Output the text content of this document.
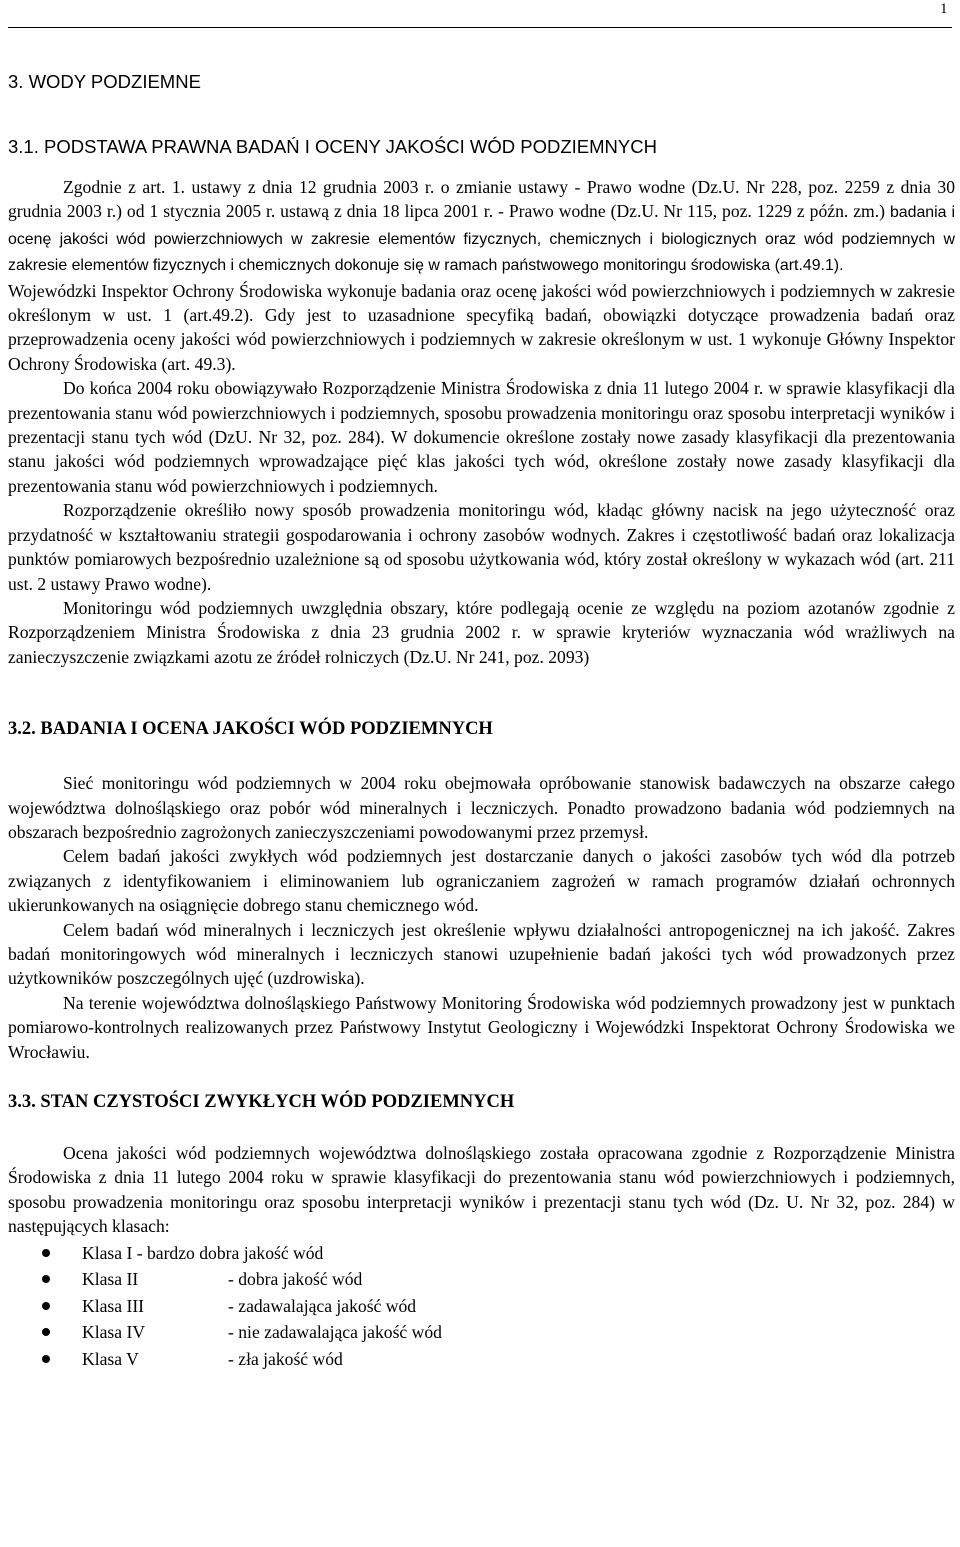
1
3. WODY PODZIEMNE
3.1. PODSTAWA PRAWNA BADAŃ I OCENY JAKOŚCI WÓD PODZIEMNYCH

Zgodnie z art. 1. ustawy z dnia 12 grudnia 2003 r. o zmianie ustawy - Prawo wodne (Dz.U. Nr 228, poz. 2259 z dnia 30 grudnia 2003 r.) od 1 stycznia 2005 r. ustawą z dnia 18 lipca 2001 r. - Prawo wodne (Dz.U. Nr 115, poz. 1229 z późn. zm.) badania i ocenę jakości wód powierzchniowych w zakresie elementów fizycznych, chemicznych i biologicznych oraz wód podziemnych w zakresie elementów fizycznych i chemicznych dokonuje się w ramach państwowego monitoringu środowiska (art.49.1).

Wojewódzki Inspektor Ochrony Środowiska wykonuje badania oraz ocenę jakości wód powierzchniowych i podziemnych w zakresie określonym w ust. 1 (art.49.2). Gdy jest to uzasadnione specyfiką badań, obowiązki dotyczące prowadzenia badań oraz przeprowadzenia oceny jakości wód powierzchniowych i podziemnych w zakresie określonym w ust. 1 wykonuje Główny Inspektor Ochrony Środowiska (art. 49.3).

Do końca 2004 roku obowiązywało Rozporządzenie Ministra Środowiska z dnia 11 lutego 2004 r. w sprawie klasyfikacji dla prezentowania stanu wód powierzchniowych i podziemnych, sposobu prowadzenia monitoringu oraz sposobu interpretacji wyników i prezentacji stanu tych wód (DzU. Nr 32, poz. 284). W dokumencie określone zostały nowe zasady klasyfikacji dla prezentowania stanu jakości wód podziemnych wprowadzające pięć klas jakości tych wód, określone zostały nowe zasady klasyfikacji dla prezentowania stanu wód powierzchniowych i podziemnych.

Rozporządzenie określiło nowy sposób prowadzenia monitoringu wód, kładąc główny nacisk na jego użyteczność oraz przydatność w kształtowaniu strategii gospodarowania i ochrony zasobów wodnych. Zakres i częstotliwość badań oraz lokalizacja punktów pomiarowych bezpośrednio uzależnione są od sposobu użytkowania wód, który został określony w wykazach wód (art. 211 ust. 2 ustawy Prawo wodne).

Monitoringu wód podziemnych uwzględnia obszary, które podlegają ocenie ze względu na poziom azotanów zgodnie z Rozporządzeniem Ministra Środowiska z dnia 23 grudnia 2002 r. w sprawie kryteriów wyznaczania wód wrażliwych na zanieczyszczenie związkami azotu ze źródeł rolniczych (Dz.U. Nr 241, poz. 2093)

3.2. BADANIA I OCENA JAKOŚCI WÓD PODZIEMNYCH

Sieć monitoringu wód podziemnych w 2004 roku obejmowała opróbowanie stanowisk badawczych na obszarze całego województwa dolnośląskiego oraz pobór wód mineralnych i leczniczych. Ponadto prowadzono badania wód podziemnych na obszarach bezpośrednio zagrożonych zanieczyszczeniami powodowanymi przez przemysł.

Celem badań jakości zwykłych wód podziemnych jest dostarczanie danych o jakości zasobów tych wód dla potrzeb związanych z identyfikowaniem i eliminowaniem lub ograniczaniem zagrożeń w ramach programów działań ochronnych ukierunkowanych na osiągnięcie dobrego stanu chemicznego wód.

Celem badań wód mineralnych i leczniczych jest określenie wpływu działalności antropogenicznej na ich jakość. Zakres badań monitoringowych wód mineralnych i leczniczych stanowi uzupełnienie badań jakości tych wód prowadzonych przez użytkowników poszczególnych ujęć (uzdrowiska).

Na terenie województwa dolnośląskiego Państwowy Monitoring Środowiska wód podziemnych prowadzony jest w punktach pomiarowo-kontrolnych realizowanych przez Państwowy Instytut Geologiczny i Wojewódzki Inspektorat Ochrony Środowiska we Wrocławiu.

3.3. STAN CZYSTOŚCI ZWYKŁYCH WÓD PODZIEMNYCH

Ocena jakości wód podziemnych województwa dolnośląskiego została opracowana zgodnie z Rozporządzenie Ministra Środowiska z dnia 11 lutego 2004 roku w sprawie klasyfikacji do prezentowania stanu wód powierzchniowych i podziemnych, sposobu prowadzenia monitoringu oraz sposobu interpretacji wyników i prezentacji stanu tych wód (Dz. U. Nr 32, poz. 284) w następujących klasach:

Klasa I - bardzo dobra jakość wód
Klasa II	- dobra jakość wód
Klasa III	- zadawalająca jakość wód
Klasa IV	- nie zadawalająca jakość wód
Klasa V	- zła jakość wód
